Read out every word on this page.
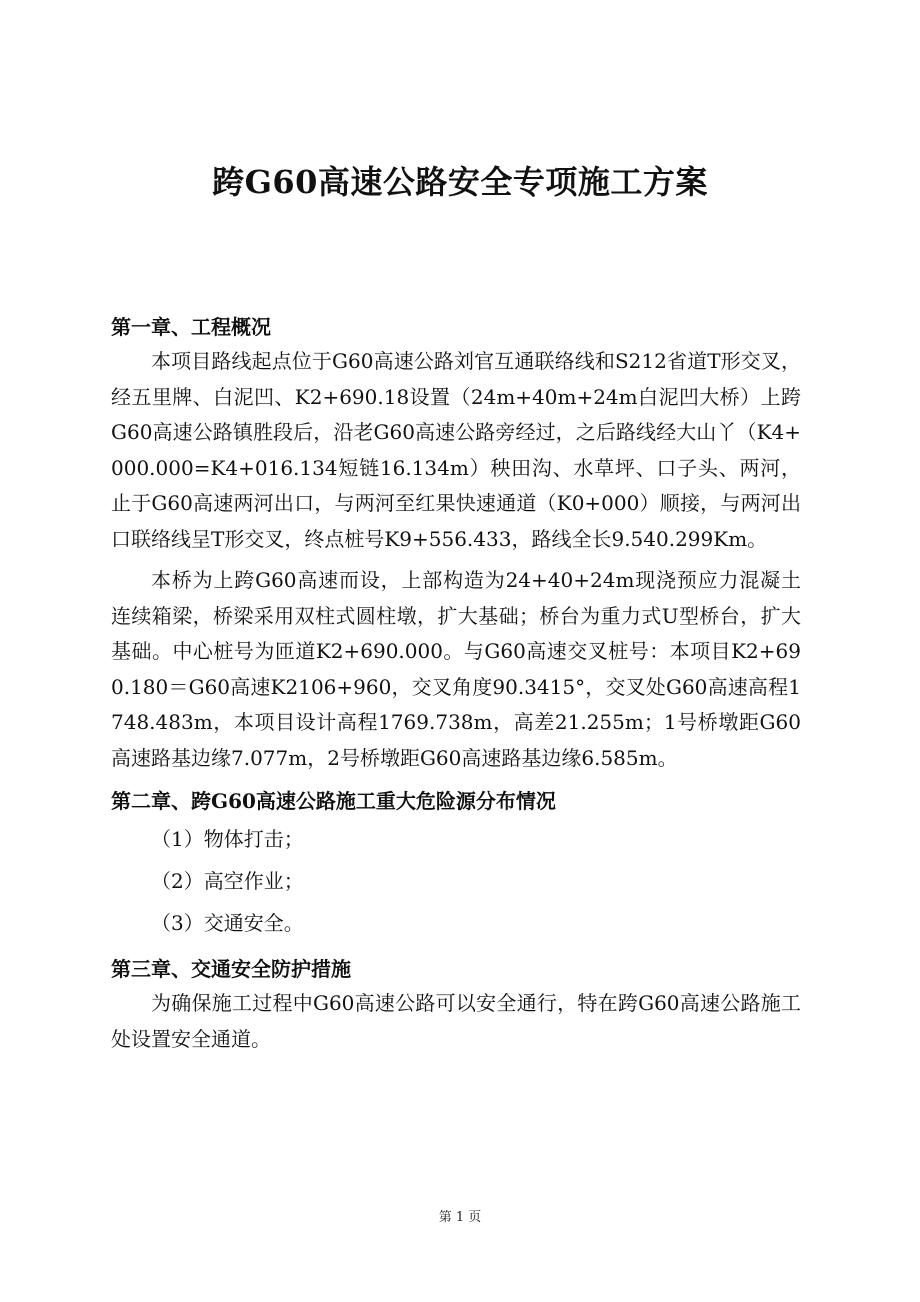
跨G60高速公路安全专项施工方案

第一章、工程概况

本项目路线起点位于G60高速公路刘官互通联络线和S212省道T形交叉，经五里牌、白泥凹、K2+690.18设置（24m+40m+24m白泥凹大桥）上跨G60高速公路镇胜段后，沿老G60高速公路旁经过，之后路线经大山丫（K4+000.000=K4+016.134短链16.134m）秧田沟、水草坪、口子头、两河，止于G60高速两河出口，与两河至红果快速通道（K0+000）顺接，与两河出口联络线呈T形交叉，终点桩号K9+556.433，路线全长9.540.299Km。

本桥为上跨G60高速而设，上部构造为24+40+24m现浇预应力混凝土连续箱梁，桥梁采用双柱式圆柱墩，扩大基础；桥台为重力式U型桥台，扩大基础。中心桩号为匝道K2+690.000。与G60高速交叉桩号：本项目K2+690.180＝G60高速K2106+960，交叉角度90.3415°，交叉处G60高速高程1748.483m，本项目设计高程1769.738m，高差21.255m；1号桥墩距G60高速路基边缘7.077m，2号桥墩距G60高速路基边缘6.585m。

第二章、跨G60高速公路施工重大危险源分布情况

（1）物体打击；

（2）高空作业；

（3）交通安全。

第三章、交通安全防护措施

为确保施工过程中G60高速公路可以安全通行，特在跨G60高速公路施工处设置安全通道。

第 1 页
